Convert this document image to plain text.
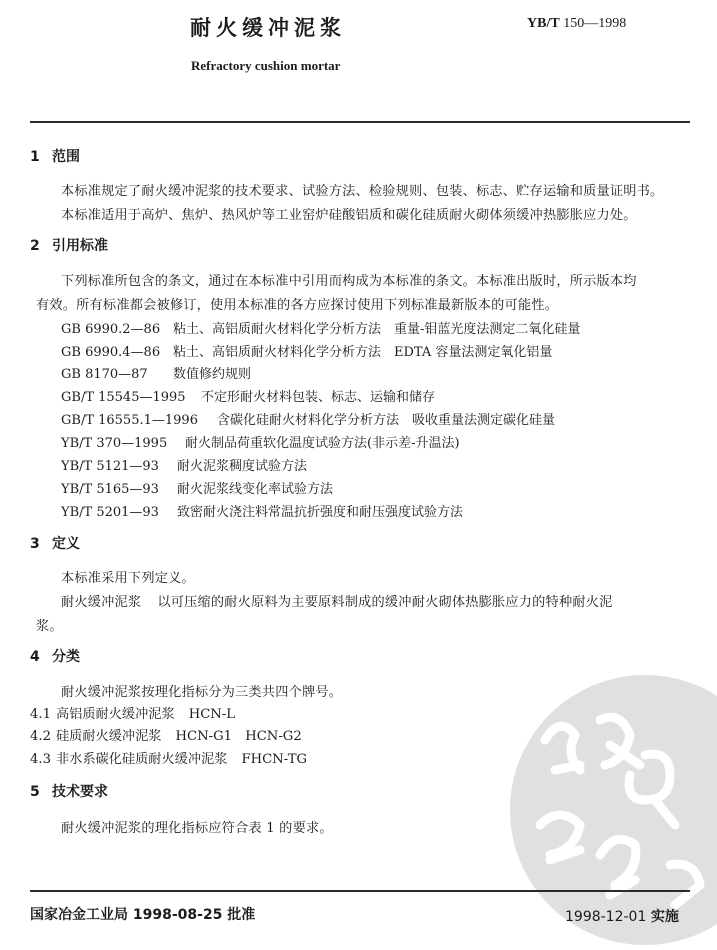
耐火缓冲泥浆	YB/T 150—1998
Refractory cushion mortar
1 范围
本标准规定了耐火缓冲泥浆的技术要求、试验方法、检验规则、包装、标志、贮存运输和质量证明书。
本标准适用于高炉、焦炉、热风炉等工业窑炉硅酸铝质和碳化硅质耐火砌体须缓冲热膨胀应力处。
2 引用标准
下列标准所包含的条文，通过在本标准中引用而构成为本标准的条文。本标准出版时，所示版本均
有效。所有标准都会被修订，使用本标准的各方应探讨使用下列标准最新版本的可能性。
GB 6990.2—86 粘土、高铝质耐火材料化学分析方法　重量-钼蓝光度法测定二氧化硅量
GB 6990.4—86 粘土、高铝质耐火材料化学分析方法　EDTA 容量法测定氧化铝量
GB 8170—87 数值修约规则
GB/T 15545—1995 不定形耐火材料包装、标志、运输和储存
GB/T 16555.1—1996 含碳化硅耐火材料化学分析方法　吸收重量法测定碳化硅量
YB/T 370—1995 耐火制品荷重软化温度试验方法(非示差-升温法)
YB/T 5121—93 耐火泥浆稠度试验方法
YB/T 5165—93 耐火泥浆线变化率试验方法
YB/T 5201—93 致密耐火浇注料常温抗折强度和耐压强度试验方法
3 定义
本标准采用下列定义。
耐火缓冲泥浆 以可压缩的耐火原料为主要原料制成的缓冲耐火砌体热膨胀应力的特种耐火泥
浆。
4 分类
耐火缓冲泥浆按理化指标分为三类共四个牌号。
4.1 高铝质耐火缓冲泥浆 HCN-L
4.2 硅质耐火缓冲泥浆 HCN-G1　HCN-G2
4.3 非水系碳化硅质耐火缓冲泥浆 FHCN-TG
5 技术要求
耐火缓冲泥浆的理化指标应符合表 1 的要求。
国家冶金工业局 1998-08-25 批准	1998-12-01 实施
